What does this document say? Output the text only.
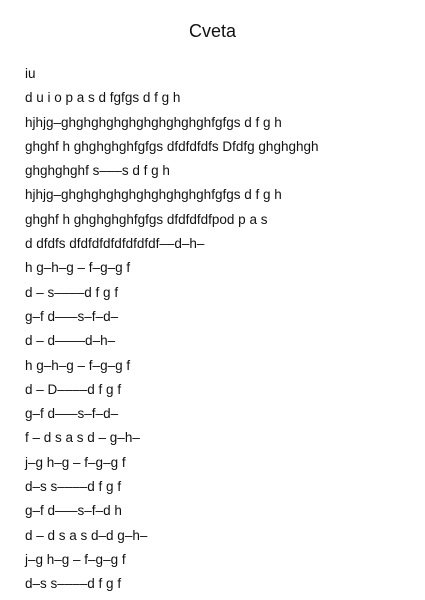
Cveta
iu
d u i o p a s d fgfgs d f g h
hjhjg–ghghghghghghghghghghfgfgs d f g h
ghghf h ghghghghfgfgs dfdfdfdfs Dfdfg ghghghgh
ghghghghf s–––s d f g h
hjhjg–ghghghghghghghghghghfgfgs d f g h
ghghf h ghghghghfgfgs dfdfdfdfpod p a s
d dfdfs dfdfdfdfdfdfdfdf––d–h–
h g–h–g – f–g–g f
d – s––––d f g f
g–f d–––s–f–d–
d – d––––d–h–
h g–h–g – f–g–g f
d – D––––d f g f
g–f d–––s–f–d–
f – d s a s d – g–h–
j–g h–g – f–g–g f
d–s s––––d f g f
g–f d–––s–f–d h
d – d s a s d–d g–h–
j–g h–g – f–g–g f
d–s s––––d f g f
